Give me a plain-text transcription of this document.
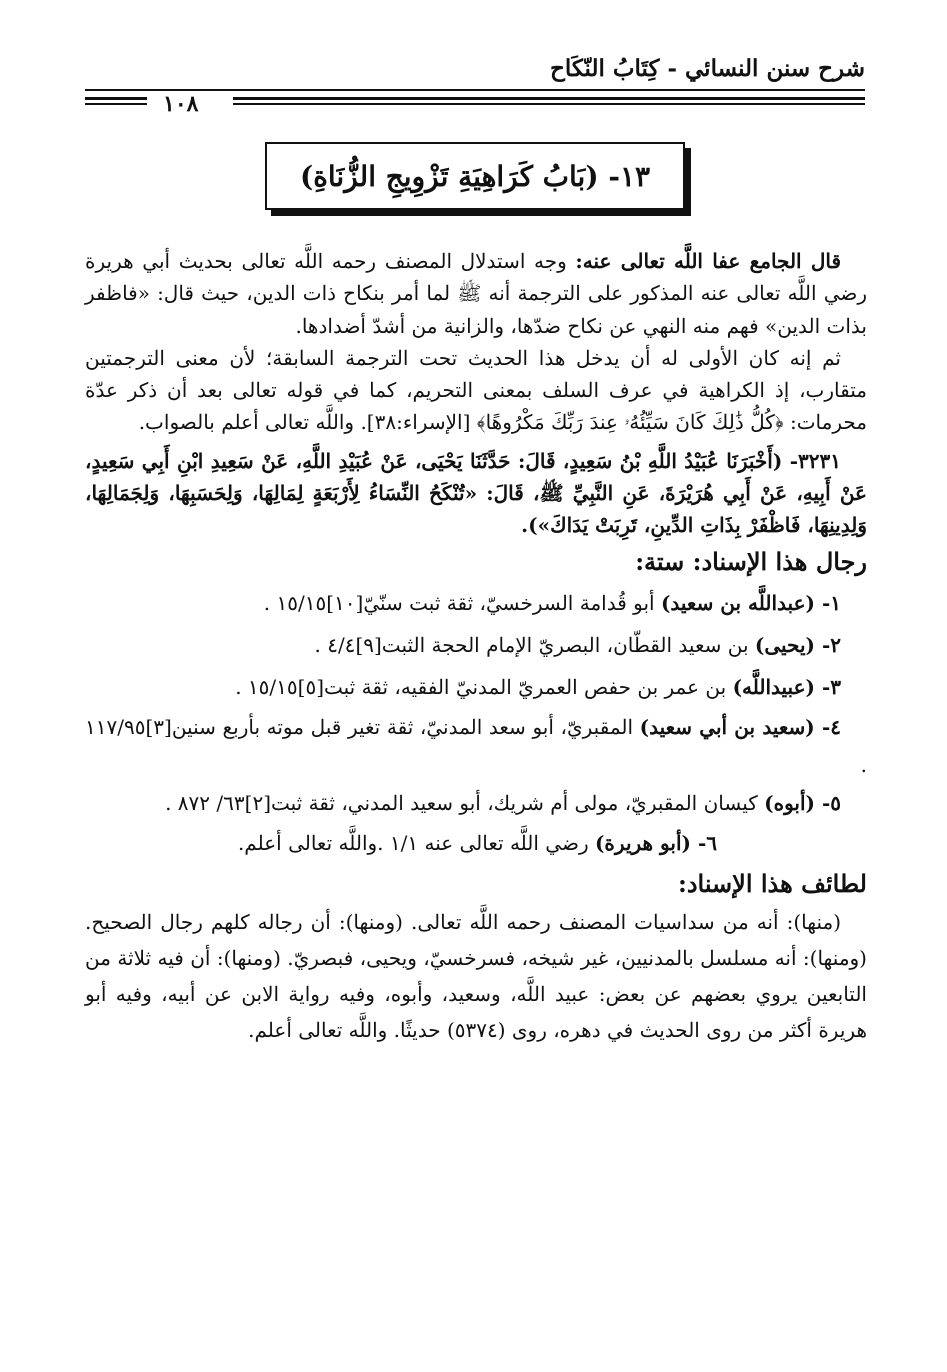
شرح سنن النسائي - كِتَابُ النّكَاح
١٠٨
١٣- (بَابُ كَرَاهِيَةِ تَزْوِيجِ الزُّنَاةِ)

قال الجامع عفا اللَّه تعالى عنه: وجه استدلال المصنف رحمه اللَّه تعالى بحديث أبي هريرة رضي اللَّه تعالى عنه المذكور على الترجمة أنه ﷺ لما أمر بنكاح ذات الدين، حيث قال: «فاظفر بذات الدين» فهم منه النهي عن نكاح ضدّها، والزانية من أشدّ أضدادها.

ثم إنه كان الأولى له أن يدخل هذا الحديث تحت الترجمة السابقة؛ لأن معنى الترجمتين متقارب، إذ الكراهية في عرف السلف بمعنى التحريم، كما في قوله تعالى بعد أن ذكر عدّة محرمات: ﴿كُلُّ ذَٰلِكَ كَانَ سَيِّئُهُۥ عِندَ رَبِّكَ مَكْرُوهًا﴾ [الإسراء:٣٨]. واللَّه تعالى أعلم بالصواب.

٣٢٣١- (أَخْبَرَنَا عُبَيْدُ اللَّهِ بْنُ سَعِيدٍ، قَالَ: حَدَّثَنَا يَحْيَى، عَنْ عُبَيْدِ اللَّهِ، عَنْ سَعِيدِ ابْنِ أَبِي سَعِيدٍ، عَنْ أَبِيهِ، عَنْ أَبِي هُرَيْرَةَ، عَنِ النَّبِيِّ ﷺ، قَالَ: «تُنْكَحُ النِّسَاءُ لِأَرْبَعَةٍ لِمَالِهَا، وَلِحَسَبِهَا، وَلِجَمَالِهَا، وَلِدِينِهَا، فَاظْفَرْ بِذَاتِ الدِّينِ، تَرِبَتْ يَدَاكَ»).

رجال هذا الإسناد: ستة:

١- (عبداللَّه بن سعيد) أبو قُدامة السرخسيّ، ثقة ثبت سنّيّ[١٠]١٥/١٥ .

٢- (يحيى) بن سعيد القطّان، البصريّ الإمام الحجة الثبت[٩]٤/٤ .

٣- (عبيداللَّه) بن عمر بن حفص العمريّ المدنيّ الفقيه، ثقة ثبت[٥]١٥/١٥ .

٤- (سعيد بن أبي سعيد) المقبريّ، أبو سعد المدنيّ، ثقة تغير قبل موته بأربع سنين[٣]١١٧/٩٥ .

٥- (أبوه) كيسان المقبريّ، مولى أم شريك، أبو سعيد المدني، ثقة ثبت[٢]٦٣/ ٨٧٢ .

٦- (أبو هريرة) رضي اللَّه تعالى عنه ١/١ .واللَّه تعالى أعلم.

لطائف هذا الإسناد:

(منها): أنه من سداسيات المصنف رحمه اللَّه تعالى. (ومنها): أن رجاله كلهم رجال الصحيح. (ومنها): أنه مسلسل بالمدنيين، غير شيخه، فسرخسيّ، ويحيى، فبصريّ. (ومنها): أن فيه ثلاثة من التابعين يروي بعضهم عن بعض: عبيد اللَّه، وسعيد، وأبوه، وفيه رواية الابن عن أبيه، وفيه أبو هريرة أكثر من روى الحديث في دهره، روى (٥٣٧٤) حديثًا. واللَّه تعالى أعلم.
